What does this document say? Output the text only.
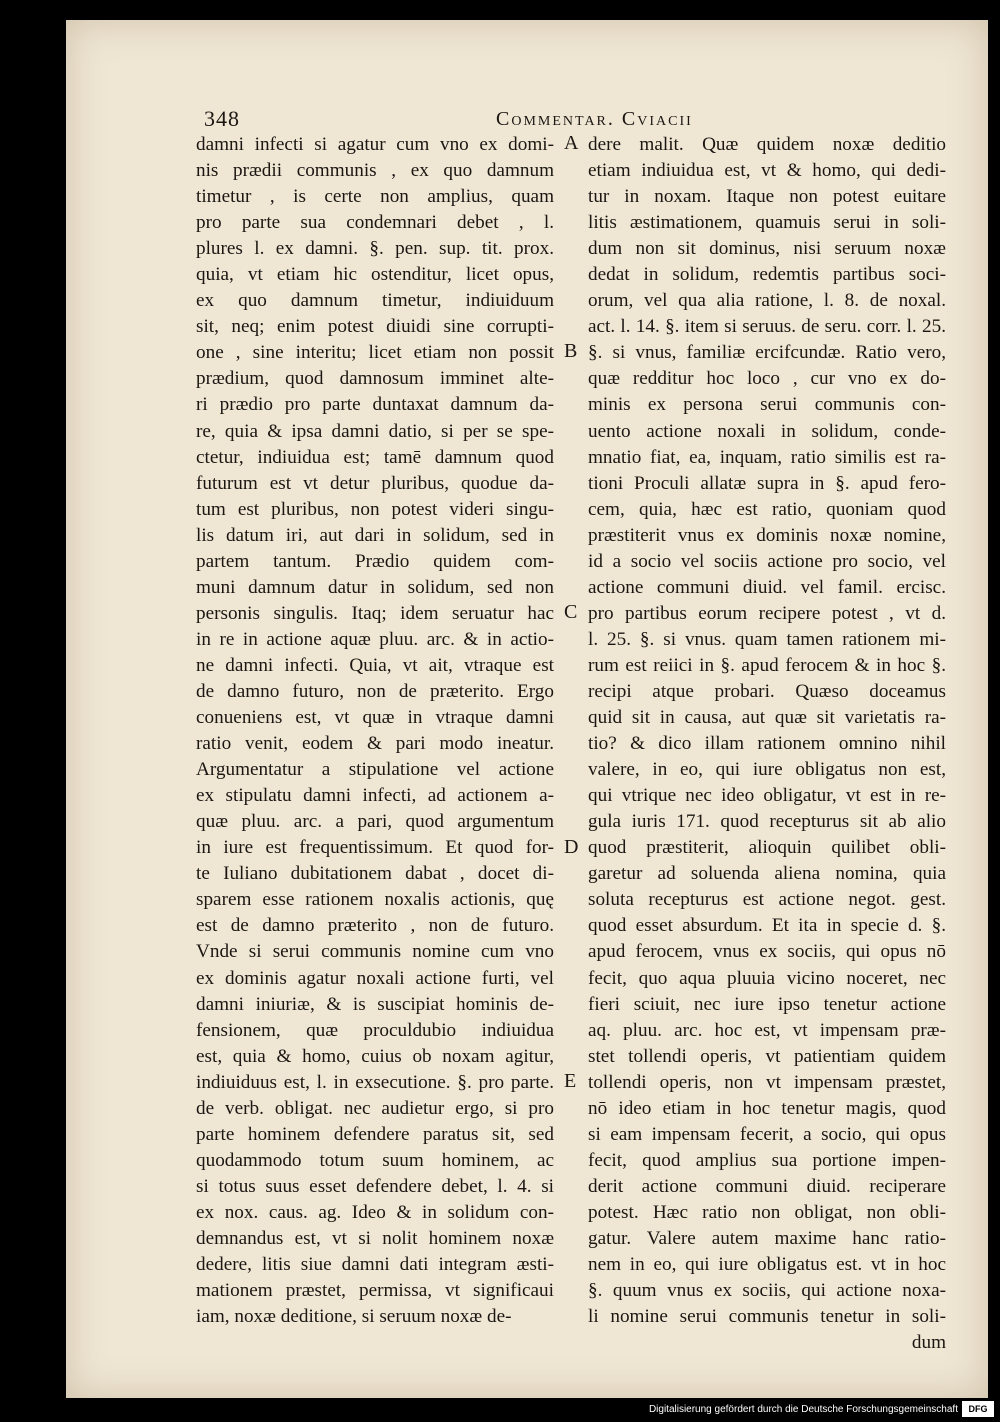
348	Commentar. Cviacii
damni infecti si agatur cum vno ex domi-
nis prædii communis , ex quo damnum
timetur , is certe non amplius, quam
pro parte sua condemnari debet , l.
plures l. ex damni. §. pen. sup. tit. prox.
quia, vt etiam hic ostenditur, licet opus,
ex quo damnum timetur, indiuiduum
sit, neq; enim potest diuidi sine corrupti-
one , sine interitu; licet etiam non possit
prædium, quod damnosum imminet alte-
ri prædio pro parte duntaxat damnum da-
re, quia & ipsa damni datio, si per se spe-
ctetur, indiuidua est; tamē damnum quod
futurum est vt detur pluribus, quodue da-
tum est pluribus, non potest videri singu-
lis datum iri, aut dari in solidum, sed in
partem tantum. Prædio quidem com-
muni damnum datur in solidum, sed non
personis singulis. Itaq; idem seruatur hac
in re in actione aquæ pluu. arc. & in actio-
ne damni infecti. Quia, vt ait, vtraque est
de damno futuro, non de præterito. Ergo
conueniens est, vt quæ in vtraque damni
ratio venit, eodem & pari modo ineatur.
Argumentatur a stipulatione vel actione
ex stipulatu damni infecti, ad actionem a-
quæ pluu. arc. a pari, quod argumentum
in iure est frequentissimum. Et quod for-
te Iuliano dubitationem dabat , docet di-
sparem esse rationem noxalis actionis, quę
est de damno præterito , non de futuro.
Vnde si serui communis nomine cum vno
ex dominis agatur noxali actione furti, vel
damni iniuriæ, & is suscipiat hominis de-
fensionem, quæ proculdubio indiuidua
est, quia & homo, cuius ob noxam agitur,
indiuiduus est, l. in exsecutione. §. pro parte.
de verb. obligat. nec audietur ergo, si pro
parte hominem defendere paratus sit, sed
quodammodo totum suum hominem, ac
si totus suus esset defendere debet, l. 4. si
ex nox. caus. ag. Ideo & in solidum con-
demnandus est, vt si nolit hominem noxæ
dedere, litis siue damni dati integram æsti-
mationem præstet, permissa, vt significaui
iam, noxæ deditione, si seruum noxæ de-
dere malit. Quæ quidem noxæ deditio
etiam indiuidua est, vt & homo, qui dedi-
tur in noxam. Itaque non potest euitare
litis æstimationem, quamuis serui in soli-
dum non sit dominus, nisi seruum noxæ
dedat in solidum, redemtis partibus soci-
orum, vel qua alia ratione, l. 8. de noxal.
act. l. 14. §. item si seruus. de seru. corr. l. 25.
§. si vnus, familiæ ercifcundæ. Ratio vero,
quæ redditur hoc loco , cur vno ex do-
minis ex persona serui communis con-
uento actione noxali in solidum, conde-
mnatio fiat, ea, inquam, ratio similis est ra-
tioni Proculi allatæ supra in §. apud fero-
cem, quia, hæc est ratio, quoniam quod
præstiterit vnus ex dominis noxæ nomine,
id a socio vel sociis actione pro socio, vel
actione communi diuid. vel famil. ercisc.
pro partibus eorum recipere potest , vt d.
l. 25. §. si vnus. quam tamen rationem mi-
rum est reiici in §. apud ferocem & in hoc §.
recipi atque probari. Quæso doceamus
quid sit in causa, aut quæ sit varietatis ra-
tio? & dico illam rationem omnino nihil
valere, in eo, qui iure obligatus non est,
qui vtrique nec ideo obligatur, vt est in re-
gula iuris 171. quod recepturus sit ab alio
quod præstiterit, alioquin quilibet obli-
garetur ad soluenda aliena nomina, quia
soluta recepturus est actione negot. gest.
quod esset absurdum. Et ita in specie d. §.
apud ferocem, vnus ex sociis, qui opus nō
fecit, quo aqua pluuia vicino noceret, nec
fieri sciuit, nec iure ipso tenetur actione
aq. pluu. arc. hoc est, vt impensam præ-
stet tollendi operis, vt patientiam quidem
tollendi operis, non vt impensam præstet,
nō ideo etiam in hoc tenetur magis, quod
si eam impensam fecerit, a socio, qui opus
fecit, quod amplius sua portione impen-
derit actione communi diuid. reciperare
potest. Hæc ratio non obligat, non obli-
gatur. Valere autem maxime hanc ratio-
nem in eo, qui iure obligatus est. vt in hoc
§. quum vnus ex sociis, qui actione noxa-
li nomine serui communis tenetur in soli-
dum
A
B
C
D
E
Digitalisierung gefördert durch die Deutsche Forschungsgemeinschaft	DFG
